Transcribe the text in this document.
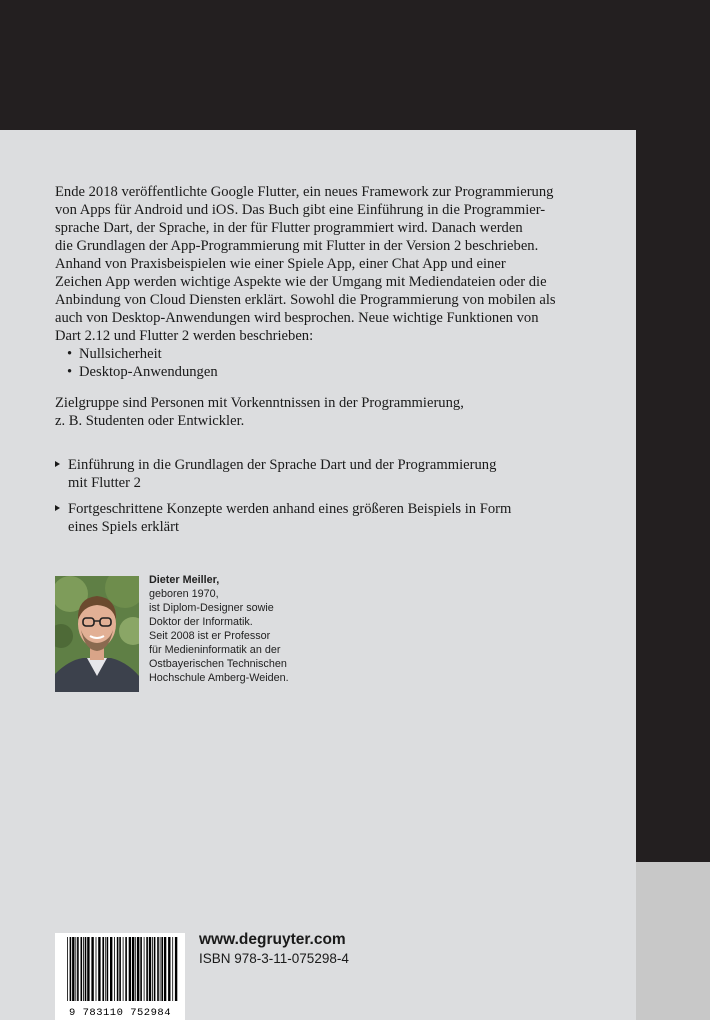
Ende 2018 veröffentlichte Google Flutter, ein neues Framework zur Programmierung
von Apps für Android und iOS. Das Buch gibt eine Einführung in die Programmier-
sprache Dart, der Sprache, in der für Flutter programmiert wird. Danach werden
die Grundlagen der App-Programmierung mit Flutter in der Version 2 beschrieben.
Anhand von Praxisbeispielen wie einer Spiele App, einer Chat App und einer
Zeichen App werden wichtige Aspekte wie der Umgang mit Mediendateien oder die
Anbindung von Cloud Diensten erklärt. Sowohl die Programmierung von mobilen als
auch von Desktop-Anwendungen wird besprochen. Neue wichtige Funktionen von
Dart 2.12 und Flutter 2 werden beschrieben:
• Nullsicherheit
• Desktop-Anwendungen
Zielgruppe sind Personen mit Vorkenntnissen in der Programmierung,
z. B. Studenten oder Entwickler.
Einführung in die Grundlagen der Sprache Dart und der Programmierung
mit Flutter 2
Fortgeschrittene Konzepte werden anhand eines größeren Beispiels in Form
eines Spiels erklärt
Dieter Meiller,
geboren 1970,
ist Diplom-Designer sowie
Doktor der Informatik.
Seit 2008 ist er Professor
für Medieninformatik an der
Ostbayerischen Technischen
Hochschule Amberg-Weiden.
9 783110 752984
www.degruyter.com
ISBN 978-3-11-075298-4
